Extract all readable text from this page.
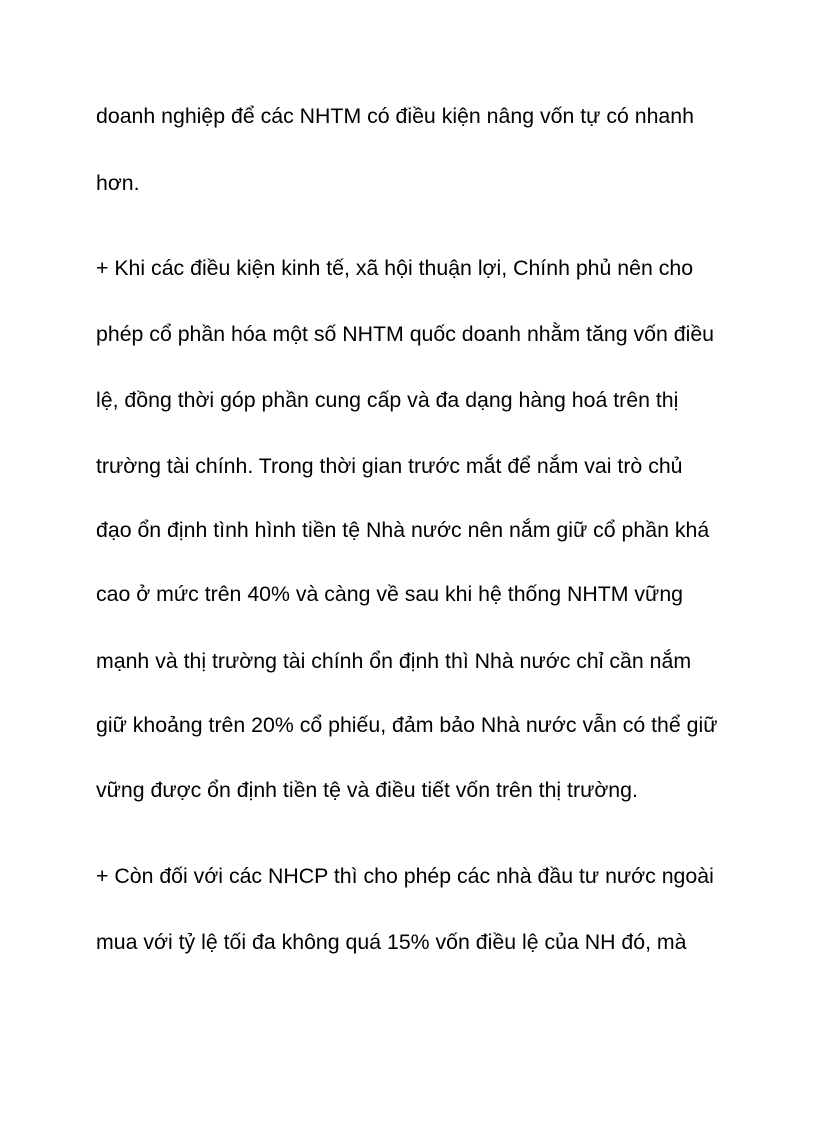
doanh nghiệp để các NHTM có điều kiện nâng vốn tự có nhanh
hơn.
+ Khi các điều kiện kinh tế, xã hội thuận lợi, Chính phủ nên cho
phép cổ phần hóa một số NHTM quốc doanh nhằm tăng vốn điều
lệ, đồng thời góp phần cung cấp và đa dạng hàng hoá trên thị
trường tài chính. Trong thời gian trước mắt để nắm vai trò chủ
đạo ổn định tình hình tiền tệ Nhà nước nên nắm giữ cổ phần khá
cao ở mức trên 40% và càng về sau khi hệ thống NHTM vững
mạnh và thị trường tài chính ổn định thì Nhà nước chỉ cần nắm
giữ khoảng trên 20% cổ phiếu, đảm bảo Nhà nước vẫn có thể giữ
vững được ổn định tiền tệ và điều tiết vốn trên thị trường.
+ Còn đối với các NHCP thì cho phép các nhà đầu tư nước ngoài
mua với tỷ lệ tối đa không quá 15% vốn điều lệ của NH đó, mà
